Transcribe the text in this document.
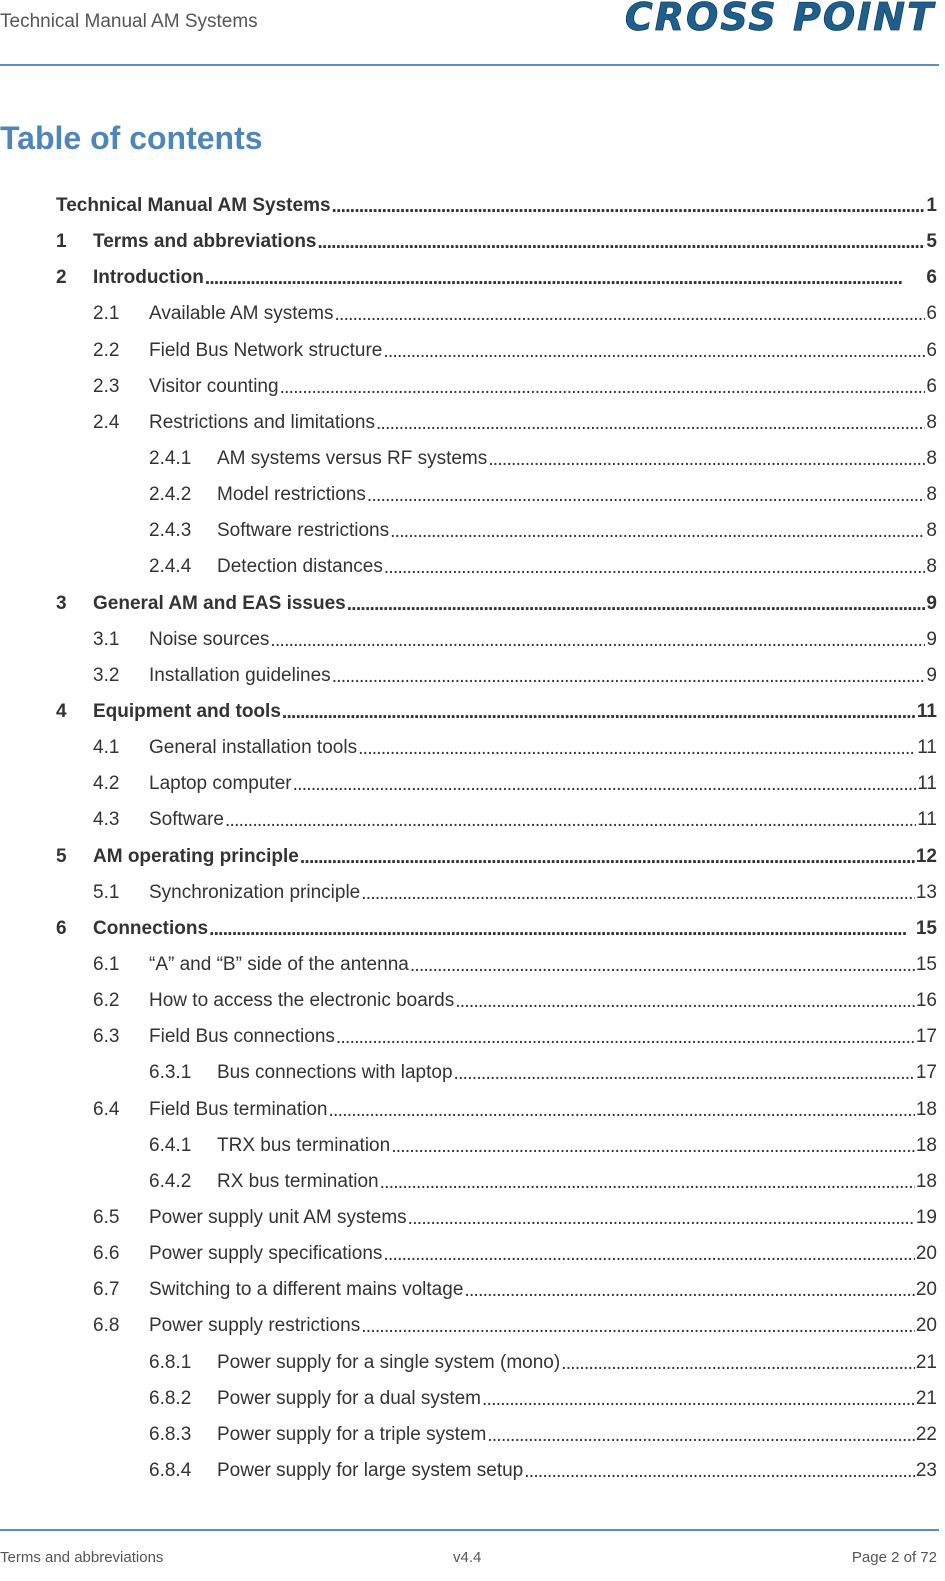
Technical Manual AM Systems	CROSS POINT
Table of contents
Technical Manual AM Systems . . .	1
1	Terms and abbreviations . . .	5
2	Introduction . . .	6
2.1	Available AM systems . . .	6
2.2	Field Bus Network structure . . .	6
2.3	Visitor counting . . .	6
2.4	Restrictions and limitations . . .	8
2.4.1	AM systems versus RF systems . . .	8
2.4.2	Model restrictions . . .	8
2.4.3	Software restrictions . . .	8
2.4.4	Detection distances . . .	8
3	General AM and EAS issues . . .	9
3.1	Noise sources . . .	9
3.2	Installation guidelines . . .	9
4	Equipment and tools . . .	11
4.1	General installation tools . . .	11
4.2	Laptop computer . . .	11
4.3	Software . . .	11
5	AM operating principle . . .	12
5.1	Synchronization principle . . .	13
6	Connections . . .	15
6.1	“A” and “B” side of the antenna . . .	15
6.2	How to access the electronic boards . . .	16
6.3	Field Bus connections . . .	17
6.3.1	Bus connections with laptop . . .	17
6.4	Field Bus termination . . .	18
6.4.1	TRX bus termination . . .	18
6.4.2	RX bus termination . . .	18
6.5	Power supply unit AM systems . . .	19
6.6	Power supply specifications . . .	20
6.7	Switching to a different mains voltage . . .	20
6.8	Power supply restrictions . . .	20
6.8.1	Power supply for a single system (mono) . . .	21
6.8.2	Power supply for a dual system . . .	21
6.8.3	Power supply for a triple system . . .	22
6.8.4	Power supply for large system setup . . .	23
Terms and abbreviations	v4.4	Page 2 of 72
